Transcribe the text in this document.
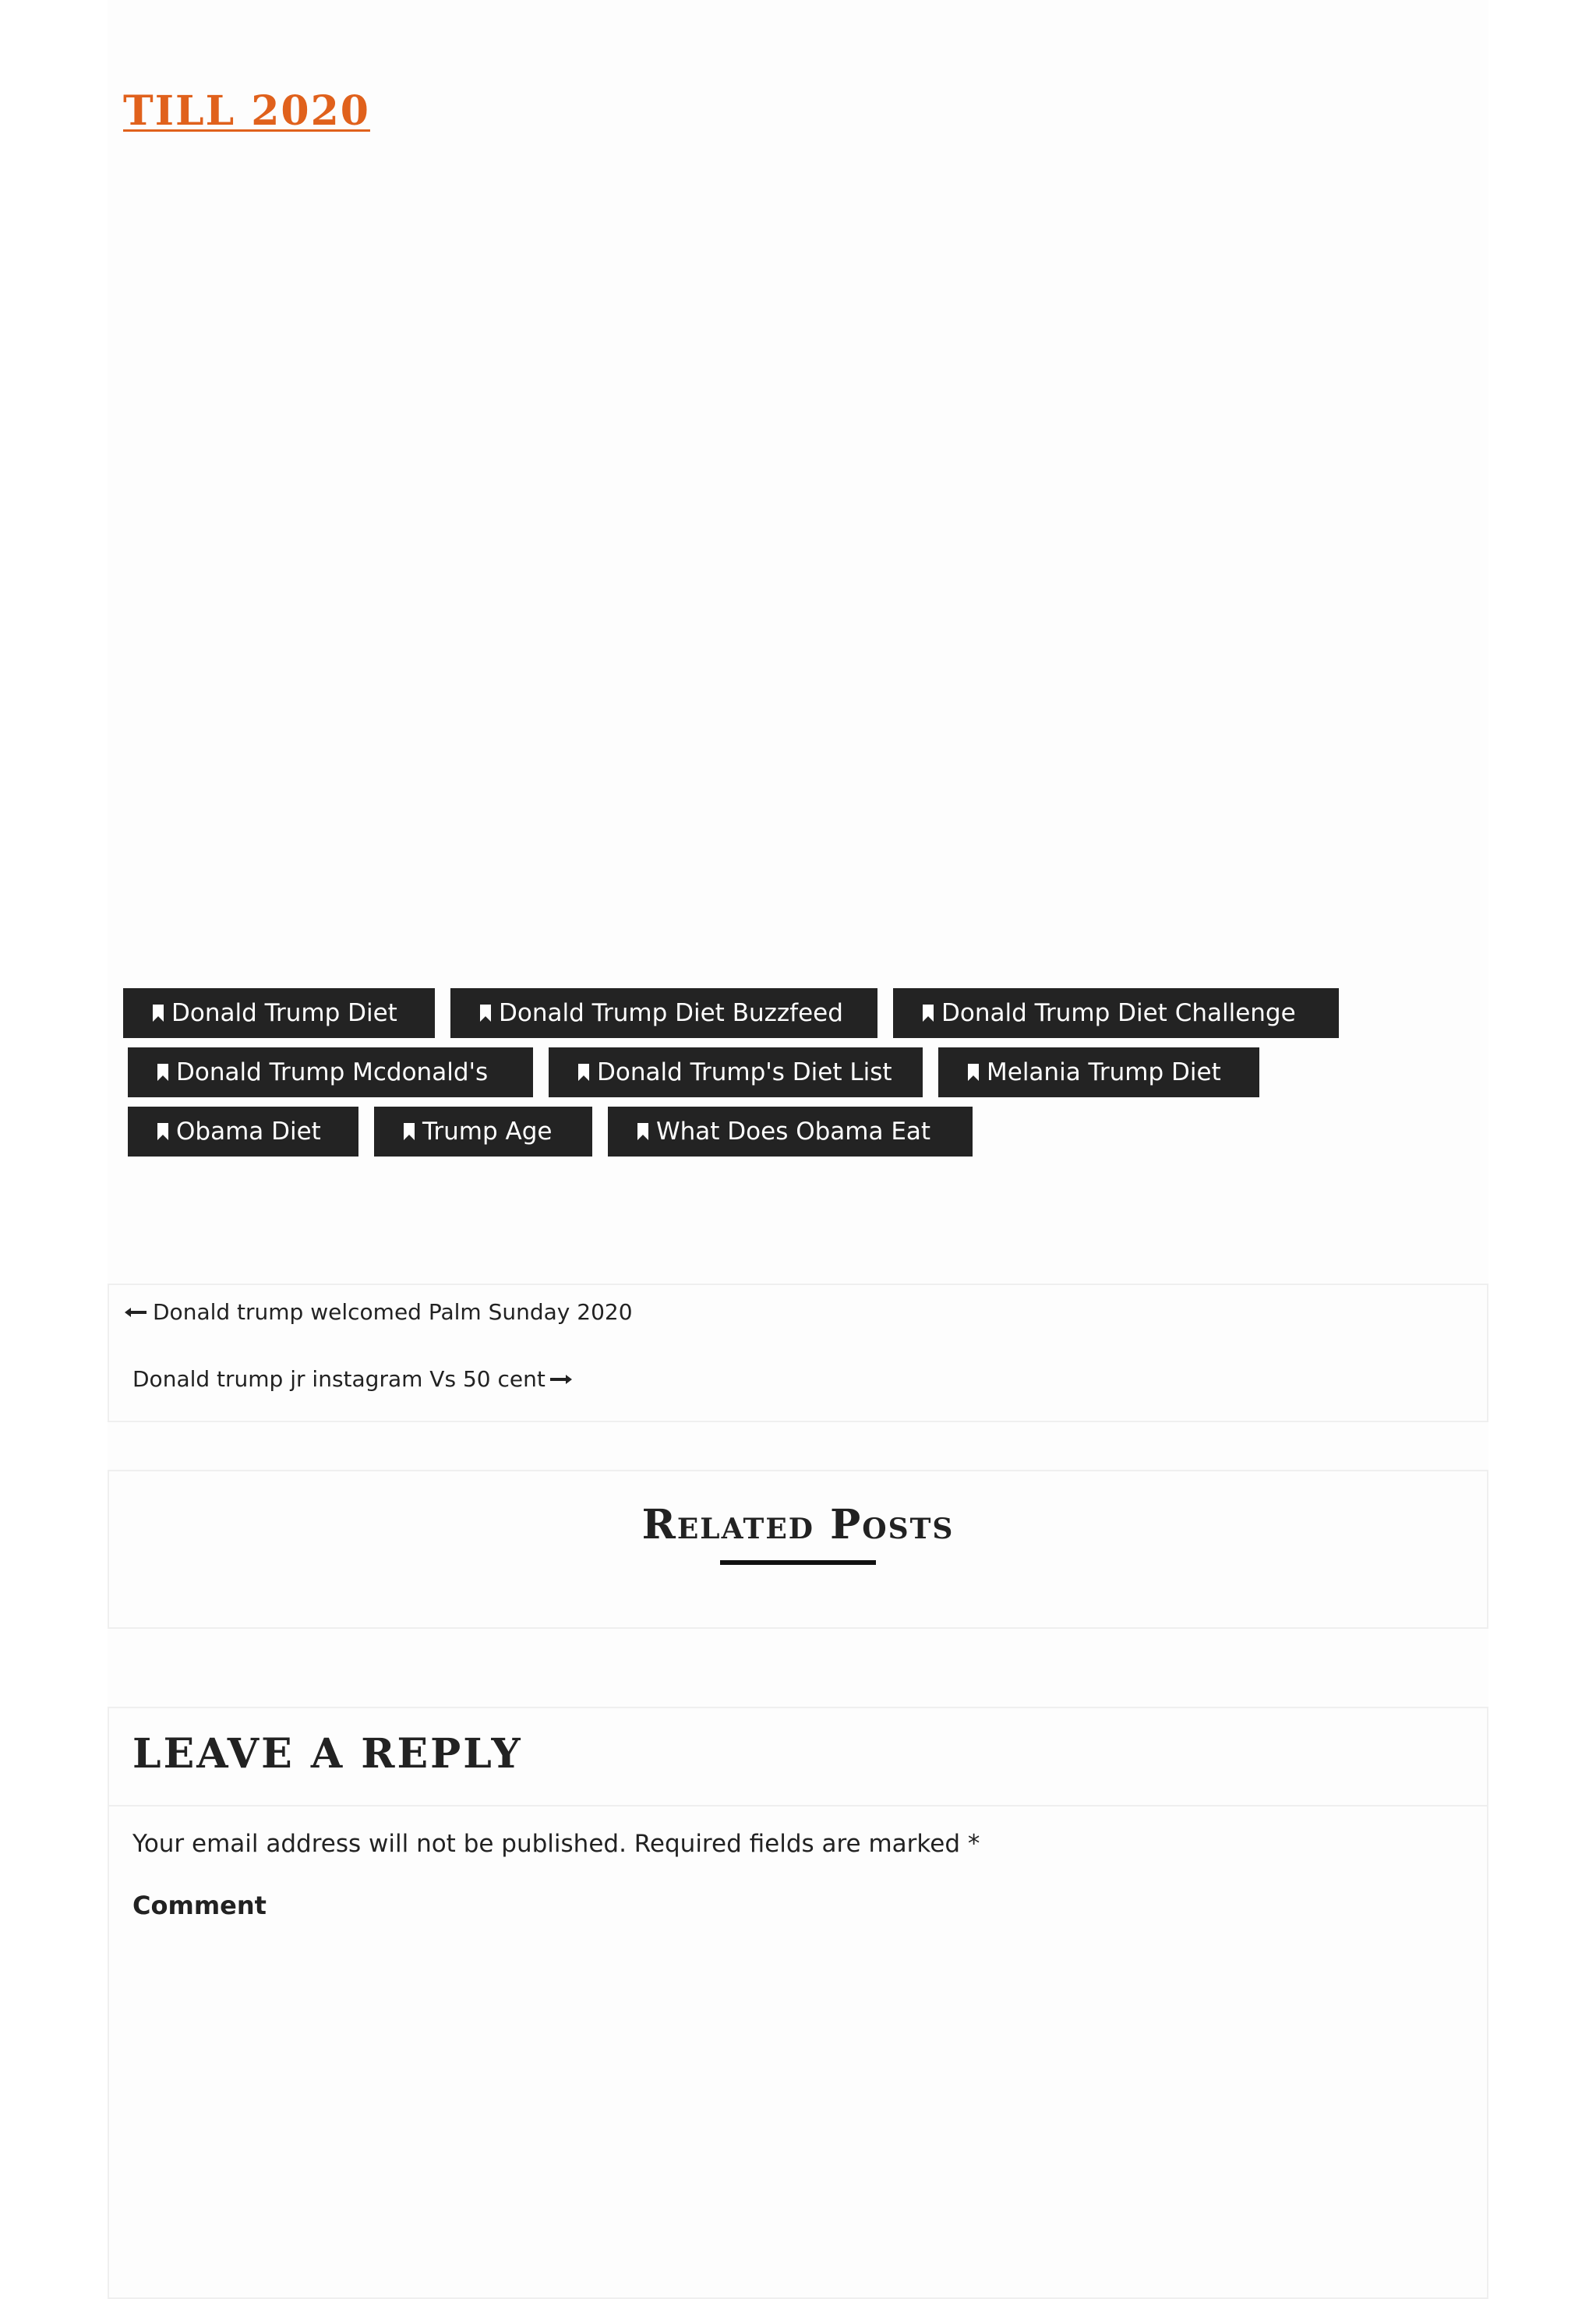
TILL 2020
Donald Trump Diet	Donald Trump Diet Buzzfeed	Donald Trump Diet Challenge
Donald Trump Mcdonald's	Donald Trump's Diet List	Melania Trump Diet
Obama Diet	Trump Age	What Does Obama Eat
Donald trump welcomed Palm Sunday 2020
Donald trump jr instagram Vs 50 cent
Related Posts
LEAVE A REPLY
Your email address will not be published. Required fields are marked *
Comment
